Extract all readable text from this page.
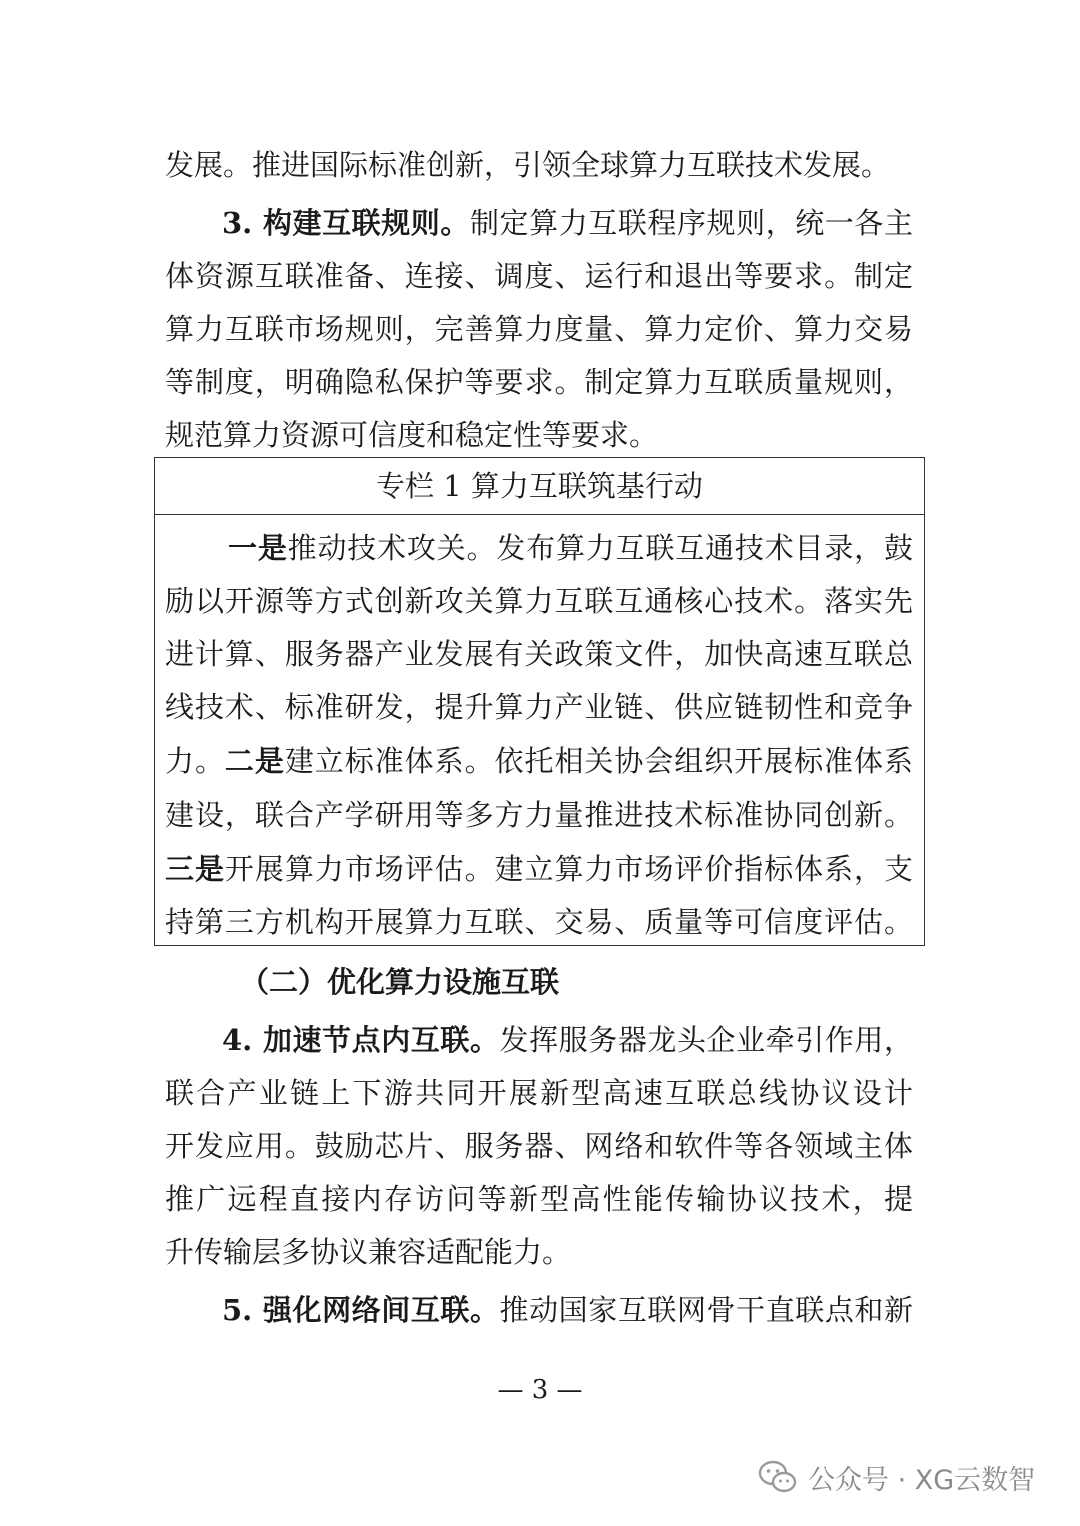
发展。推进国际标准创新，引领全球算力互联技术发展。
3. 构建互联规则。制定算力互联程序规则，统一各主
体资源互联准备、连接、调度、运行和退出等要求。制定
算力互联市场规则，完善算力度量、算力定价、算力交易
等制度，明确隐私保护等要求。制定算力互联质量规则，
规范算力资源可信度和稳定性等要求。
专栏 1 算力互联筑基行动
一是推动技术攻关。发布算力互联互通技术目录，鼓
励以开源等方式创新攻关算力互联互通核心技术。落实先
进计算、服务器产业发展有关政策文件，加快高速互联总
线技术、标准研发，提升算力产业链、供应链韧性和竞争
力。二是建立标准体系。依托相关协会组织开展标准体系
建设，联合产学研用等多方力量推进技术标准协同创新。
三是开展算力市场评估。建立算力市场评价指标体系，支
持第三方机构开展算力互联、交易、质量等可信度评估。
（二）优化算力设施互联
4. 加速节点内互联。发挥服务器龙头企业牵引作用，
联合产业链上下游共同开展新型高速互联总线协议设计
开发应用。鼓励芯片、服务器、网络和软件等各领域主体
推广远程直接内存访问等新型高性能传输协议技术，提
升传输层多协议兼容适配能力。
5. 强化网络间互联。推动国家互联网骨干直联点和新
— 3 —
公众号 · XG云数智
